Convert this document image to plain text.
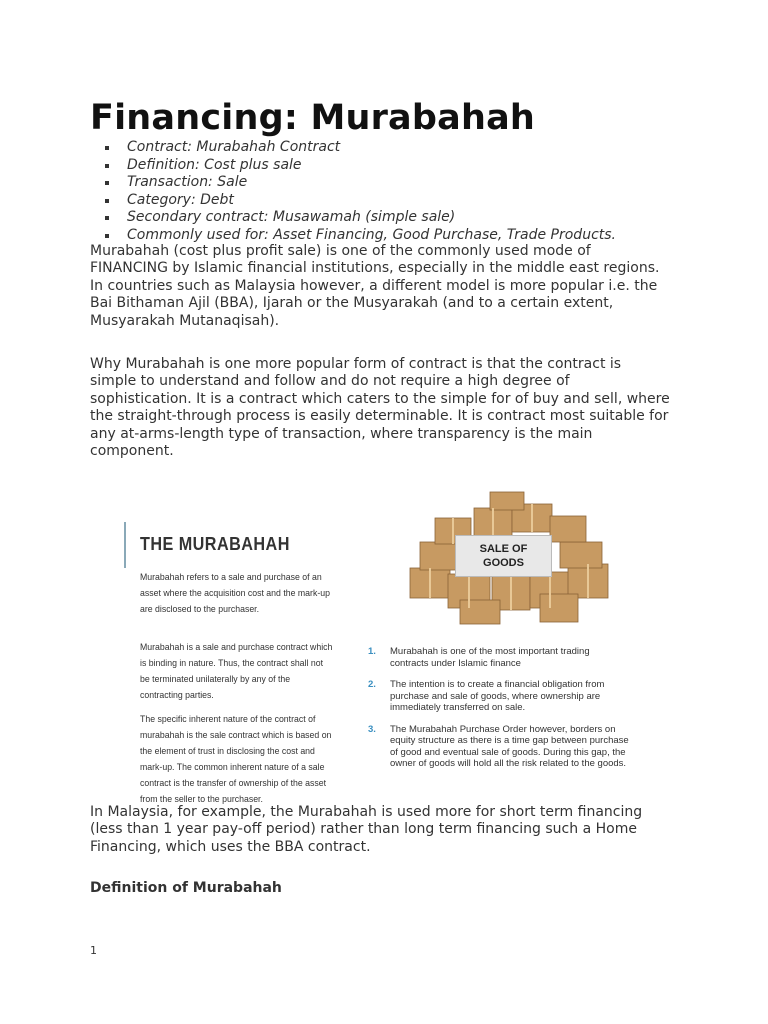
Financing: Murabahah
Contract: Murabahah Contract
Definition: Cost plus sale
Transaction: Sale
Category: Debt
Secondary contract: Musawamah (simple sale)
Commonly used for: Asset Financing, Good Purchase, Trade Products.

Murabahah (cost plus profit sale) is one of the commonly used mode of FINANCING by Islamic financial institutions, especially in the middle east regions. In countries such as Malaysia however, a different model is more popular i.e. the Bai Bithaman Ajil (BBA), Ijarah or the Musyarakah (and to a certain extent, Musyarakah Mutanaqisah).

Why Murabahah is one more popular form of contract is that the contract is simple to understand and follow and do not require a high degree of sophistication. It is a contract which caters to the simple for of buy and sell, where the straight-through process is easily determinable. It is contract most suitable for any at-arms-length type of transaction, where transparency is the main component.

THE MURABAHAH
Murabahah refers to a sale and purchase of an asset where the acquisition cost and the mark-up are disclosed to the purchaser.
Murabahah is a sale and purchase contract which is binding in nature. Thus, the contract shall not be terminated unilaterally by any of the contracting parties.
The specific inherent nature of the contract of murabahah is the sale contract which is based on the element of trust in disclosing the cost and mark-up. The common inherent nature of a sale contract is the transfer of ownership of the asset from the seller to the purchaser.
SALE OF
GOODS
1. Murabahah is one of the most important trading contracts under Islamic finance
2. The intention is to create a financial obligation from purchase and sale of goods, where ownership are immediately transferred on sale.
3. The Murabahah Purchase Order however, borders on equity structure as there is a time gap between purchase of good and eventual sale of goods. During this gap, the owner of goods will hold all the risk related to the goods.

In Malaysia, for example, the Murabahah is used more for short term financing (less than 1 year pay-off period) rather than long term financing such a Home Financing, which uses the BBA contract.

Definition of Murabahah

1
